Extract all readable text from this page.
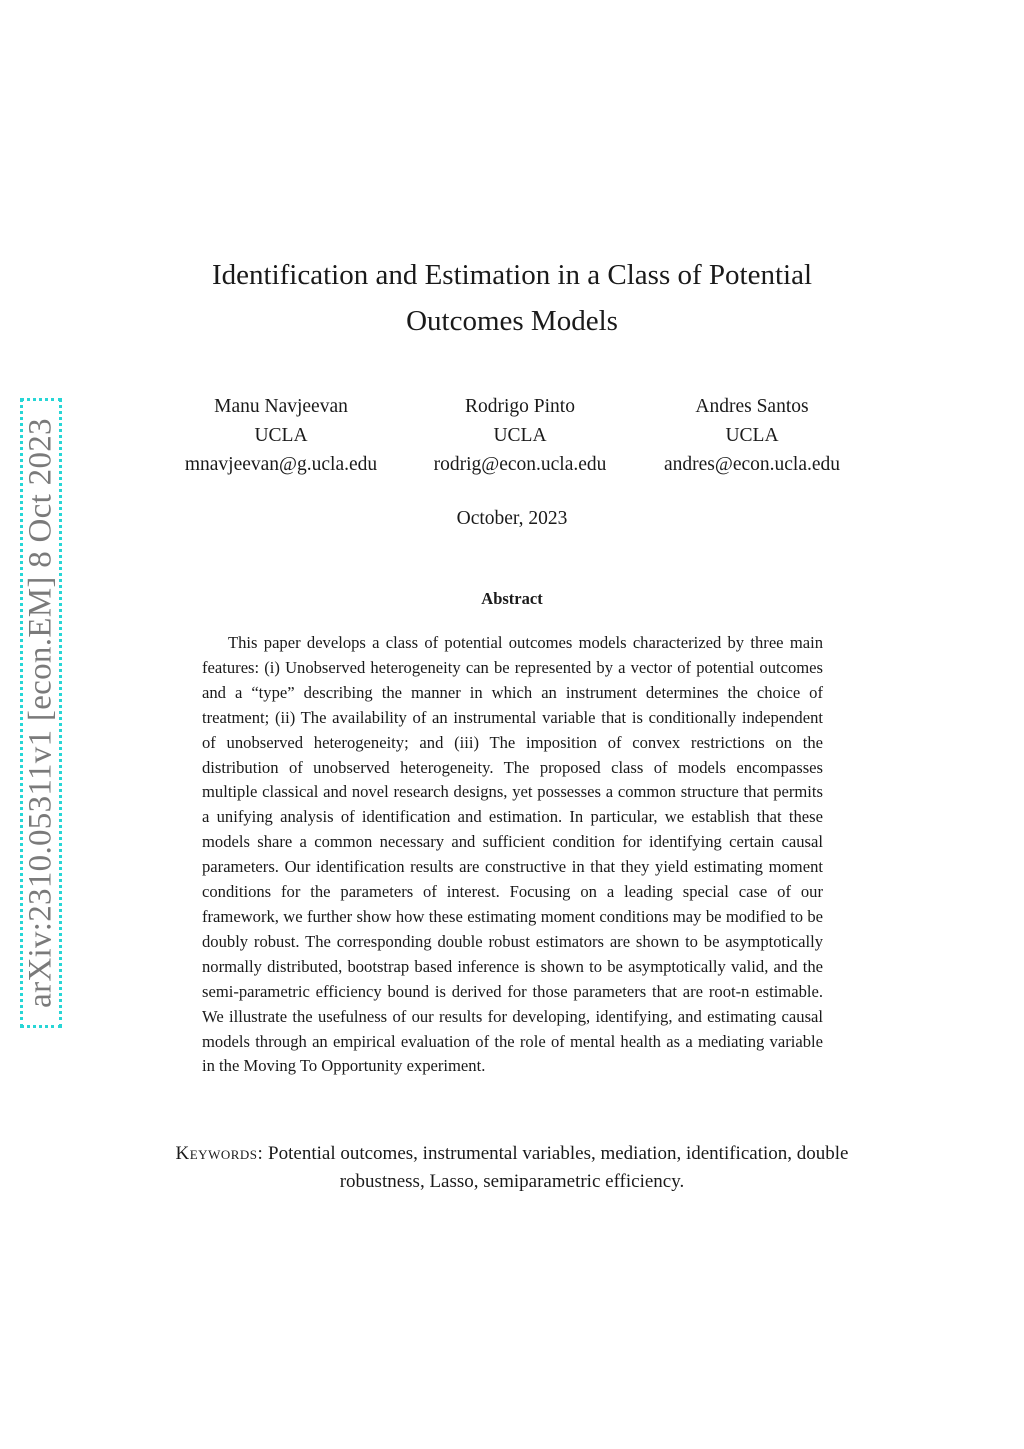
arXiv:2310.05311v1 [econ.EM] 8 Oct 2023
Identification and Estimation in a Class of Potential Outcomes Models
Manu Navjeevan
UCLA
mnavjeevan@g.ucla.edu
Rodrigo Pinto
UCLA
rodrig@econ.ucla.edu
Andres Santos
UCLA
andres@econ.ucla.edu
October, 2023
Abstract
This paper develops a class of potential outcomes models characterized by three main features: (i) Unobserved heterogeneity can be represented by a vector of potential outcomes and a “type” describing the manner in which an instrument determines the choice of treatment; (ii) The availability of an instrumental variable that is conditionally independent of unobserved heterogeneity; and (iii) The imposition of convex restrictions on the distribution of unobserved heterogeneity. The proposed class of models encompasses multiple classical and novel research designs, yet possesses a common structure that permits a unifying analysis of identification and estimation. In particular, we establish that these models share a common necessary and sufficient condition for identifying certain causal parameters. Our identification results are constructive in that they yield estimating moment conditions for the parameters of interest. Focusing on a leading special case of our framework, we further show how these estimating moment conditions may be modified to be doubly robust. The corresponding double robust estimators are shown to be asymptotically normally distributed, bootstrap based inference is shown to be asymptotically valid, and the semi-parametric efficiency bound is derived for those parameters that are root-n estimable. We illustrate the usefulness of our results for developing, identifying, and estimating causal models through an empirical evaluation of the role of mental health as a mediating variable in the Moving To Opportunity experiment.
Keywords: Potential outcomes, instrumental variables, mediation, identification, double robustness, Lasso, semiparametric efficiency.
